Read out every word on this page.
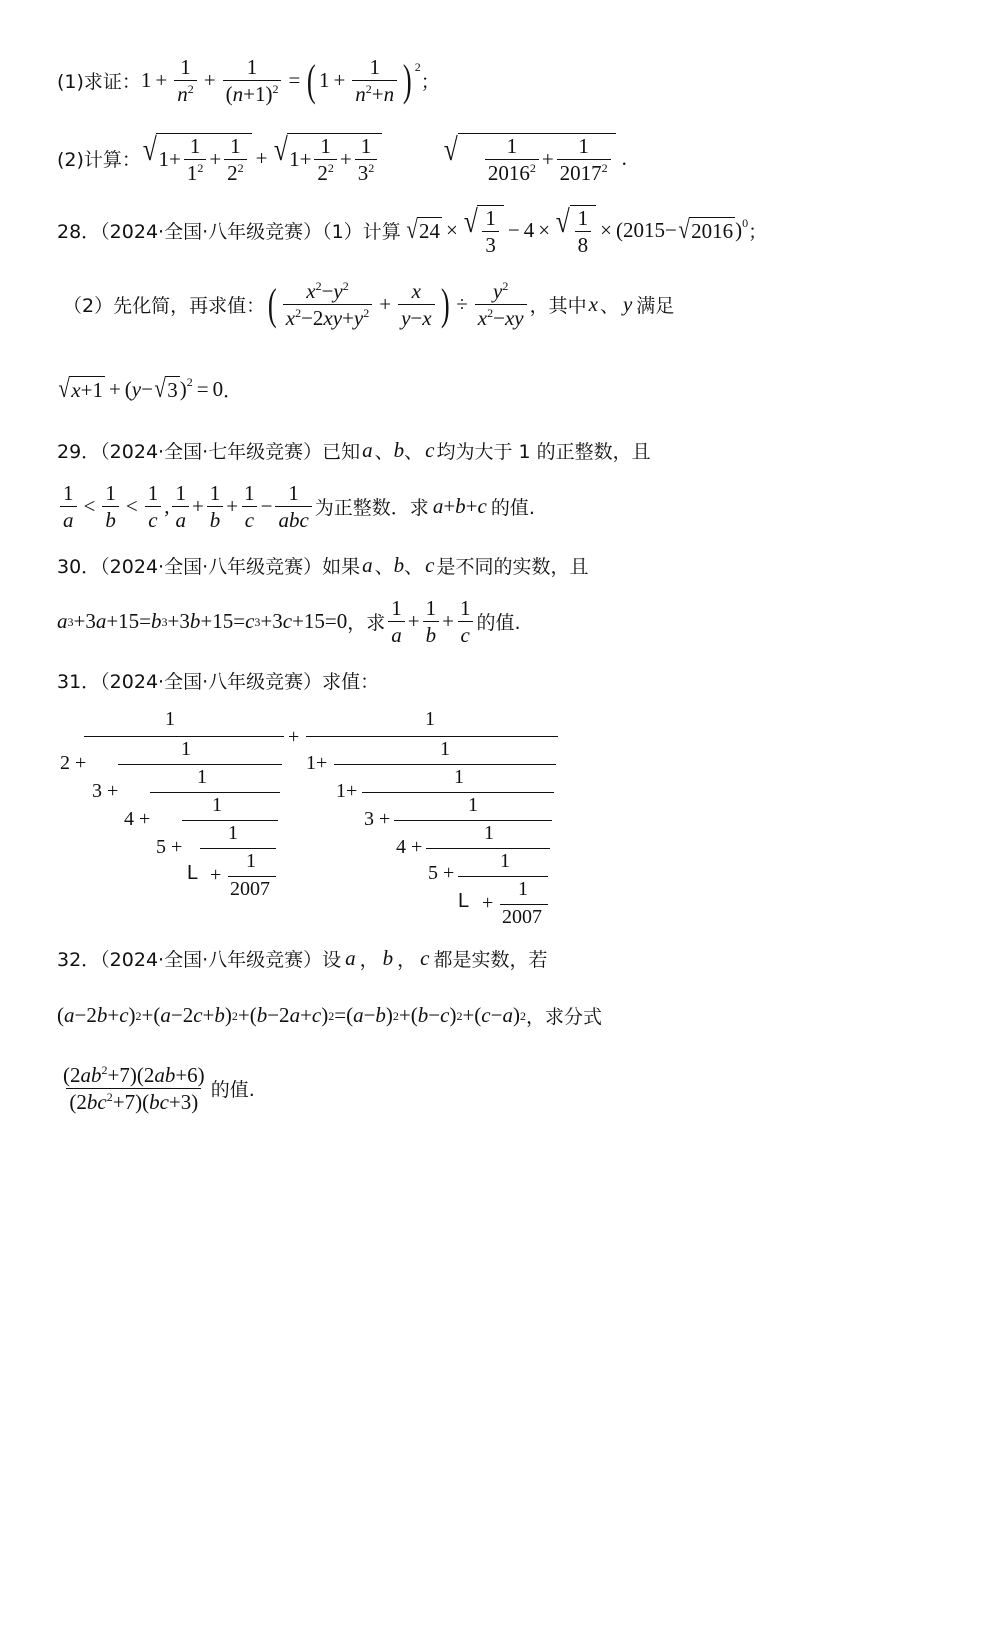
(1)求证： $1 + \frac{1}{n^2} + \frac{1}{(n+1)^2}$ = ( $1 + \frac{1}{n^2+n} )^2$
；
(2)计算： √ $1+ \frac{1}{1^2} + \frac{1}{2^2}$ + √ $1+ \frac{1}{2^2} + \frac{1}{3^2}$ √ $\frac{1}{2016^2} + \frac{1}{2017^2}$ .
28．（2024·全国·八年级竞赛）（1）计算 √ 24 × √ $\frac{1}{3} - 4$ × √ $\frac{1}{8}$ × ( 2015 − √ 2016 )$^0$ ；
（2）先化简，再求值： ( $\frac{x^2-y^2}{x^2-2xy+y^2} + \frac{x}{y-x}$ ) ÷ $\frac{y^2}{x^2-xy}$ ，其中 x 、 y 满足
√ x +1 + ( y − √ 3 )$^2$ = 0 ．
29．（2024·全国·七年级竞赛）已知 a 、 b 、 c 均为大于 1 的正整数，且
$\frac{1}{a} < \frac{1}{b} < \frac{1}{c}$ , $\frac{1}{a} + \frac{1}{b} + \frac{1}{c} - \frac{1}{\text{abc}}$ 为正整数．求 a + b + c 的值.
30．（2024·全国·八年级竞赛）如果 a 、 b 、 c 是不同的实数，且
a 3 +3 a +15= b 3 +3 b +15= c 3 +3 c +15=0 ，求 $\frac{1}{a} + \frac{1}{b} + \frac{1}{c}$ 的值.
31．（2024·全国·八年级竞赛）求值：
1
2 +
1
3 +
1
4 +
1
5 +
1
L +
1
2007
+
1
1+
1
1+
1
3 +
1
4 +
1
5 +
1
L +
1
2007
32．（2024·全国·八年级竞赛）设 a ， b ， c 都是实数，若
( a −2 b + c ) 2 +( a −2 c + b ) 2 +( b −2 a + c ) 2 =( a − b ) 2 +( b − c ) 2 +( c − a ) 2 ，求分式
$\frac{(2ab^2+7)(2ab+6)}{(2bc^2+7)(bc+3)}$ 的值.
